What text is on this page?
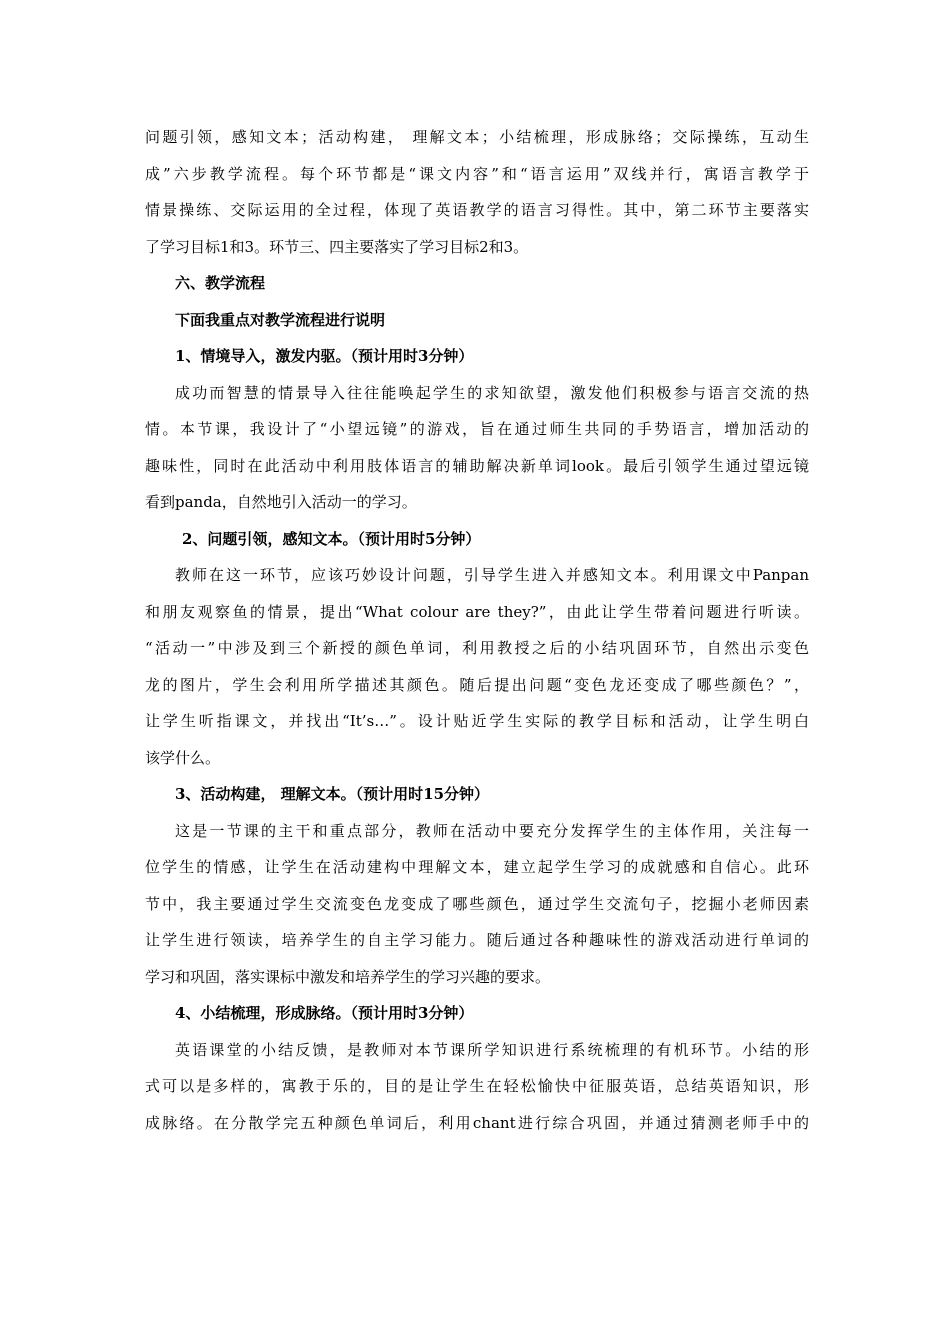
问题引领，感知文本；活动构建， 理解文本；小结梳理，形成脉络；交际操练，互动生

成”六步教学流程。每个环节都是“课文内容”和“语言运用”双线并行，寓语言教学于

情景操练、交际运用的全过程，体现了英语教学的语言习得性。其中，第二环节主要落实

了学习目标1和3。环节三、四主要落实了学习目标2和3。

六、教学流程

下面我重点对教学流程进行说明

1、情境导入，激发内驱。（预计用时3分钟）

成功而智慧的情景导入往往能唤起学生的求知欲望，激发他们积极参与语言交流的热

情。本节课，我设计了“小望远镜”的游戏，旨在通过师生共同的手势语言，增加活动的

趣味性，同时在此活动中利用肢体语言的辅助解决新单词look。最后引领学生通过望远镜

看到panda，自然地引入活动一的学习。

2、问题引领，感知文本。（预计用时5分钟）

教师在这一环节，应该巧妙设计问题，引导学生进入并感知文本。利用课文中Panpan

和朋友观察鱼的情景，提出“What colour are they?”，由此让学生带着问题进行听读。

“活动一”中涉及到三个新授的颜色单词，利用教授之后的小结巩固环节，自然出示变色

龙的图片，学生会利用所学描述其颜色。随后提出问题“变色龙还变成了哪些颜色？”，

让学生听指课文，并找出“It’s…”。设计贴近学生实际的教学目标和活动，让学生明白

该学什么。

3、活动构建， 理解文本。（预计用时15分钟）

这是一节课的主干和重点部分，教师在活动中要充分发挥学生的主体作用，关注每一

位学生的情感，让学生在活动建构中理解文本，建立起学生学习的成就感和自信心。此环

节中，我主要通过学生交流变色龙变成了哪些颜色，通过学生交流句子，挖掘小老师因素

让学生进行领读，培养学生的自主学习能力。随后通过各种趣味性的游戏活动进行单词的

学习和巩固，落实课标中激发和培养学生的学习兴趣的要求。

4、小结梳理，形成脉络。（预计用时3分钟）

英语课堂的小结反馈，是教师对本节课所学知识进行系统梳理的有机环节。小结的形

式可以是多样的，寓教于乐的，目的是让学生在轻松愉快中征服英语，总结英语知识，形

成脉络。在分散学完五种颜色单词后，利用chant进行综合巩固，并通过猜测老师手中的
